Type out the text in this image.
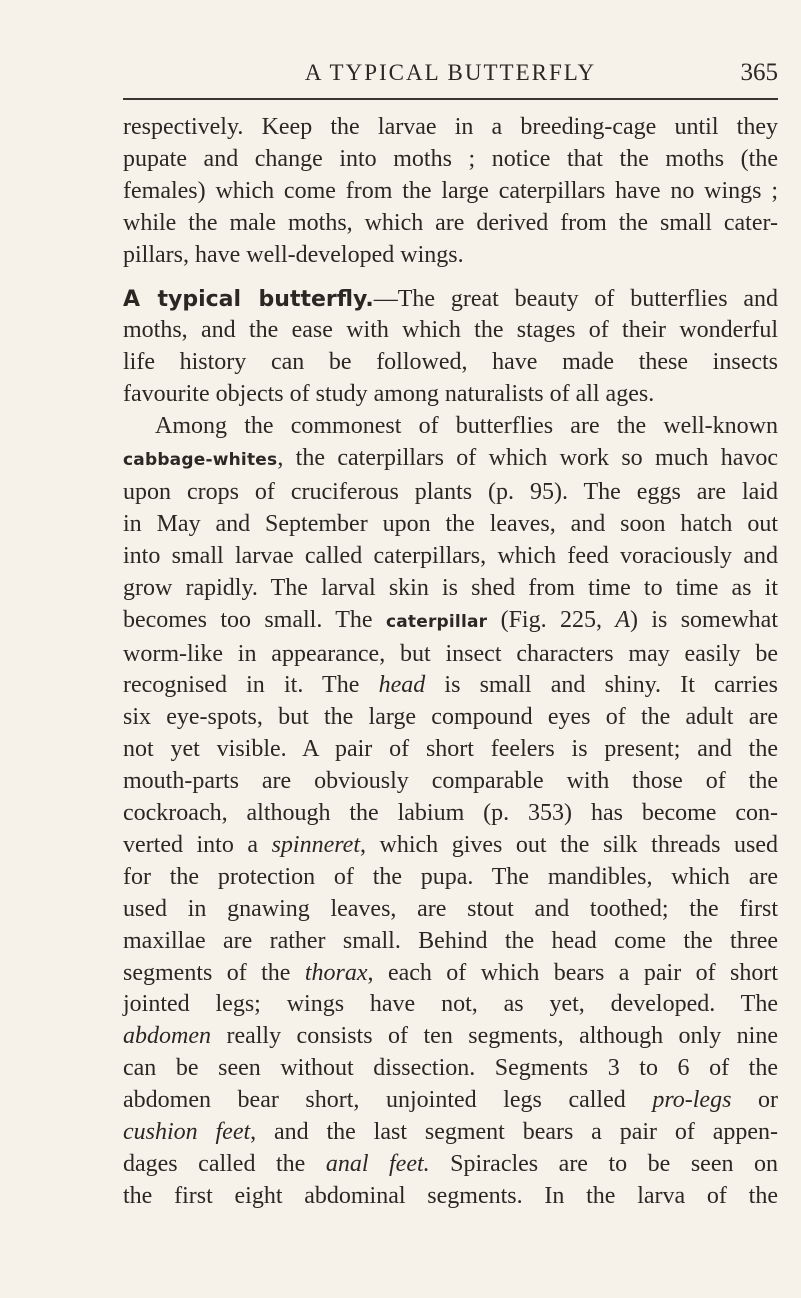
A TYPICAL BUTTERFLY	365

respectively. Keep the larvae in a breeding-cage until they
pupate and change into moths ; notice that the moths (the
females) which come from the large caterpillars have no wings ;
while the male moths, which are derived from the small cater-
pillars, have well-developed wings.

A typical butterfly.—The great beauty of butterflies and
moths, and the ease with which the stages of their wonderful
life history can be followed, have made these insects
favourite objects of study among naturalists of all ages.

Among the commonest of butterflies are the well-known
cabbage-whites, the caterpillars of which work so much havoc
upon crops of cruciferous plants (p. 95). The eggs are laid
in May and September upon the leaves, and soon hatch out
into small larvae called caterpillars, which feed voraciously and
grow rapidly. The larval skin is shed from time to time as it
becomes too small. The caterpillar (Fig. 225, A) is somewhat
worm-like in appearance, but insect characters may easily be
recognised in it. The head is small and shiny. It carries
six eye-spots, but the large compound eyes of the adult are
not yet visible. A pair of short feelers is present; and the
mouth-parts are obviously comparable with those of the
cockroach, although the labium (p. 353) has become con-
verted into a spinneret, which gives out the silk threads used
for the protection of the pupa. The mandibles, which are
used in gnawing leaves, are stout and toothed; the first
maxillae are rather small. Behind the head come the three
segments of the thorax, each of which bears a pair of short
jointed legs; wings have not, as yet, developed. The
abdomen really consists of ten segments, although only nine
can be seen without dissection. Segments 3 to 6 of the
abdomen bear short, unjointed legs called pro-legs or
cushion feet, and the last segment bears a pair of appen-
dages called the anal feet. Spiracles are to be seen on
the first eight abdominal segments. In the larva of the
